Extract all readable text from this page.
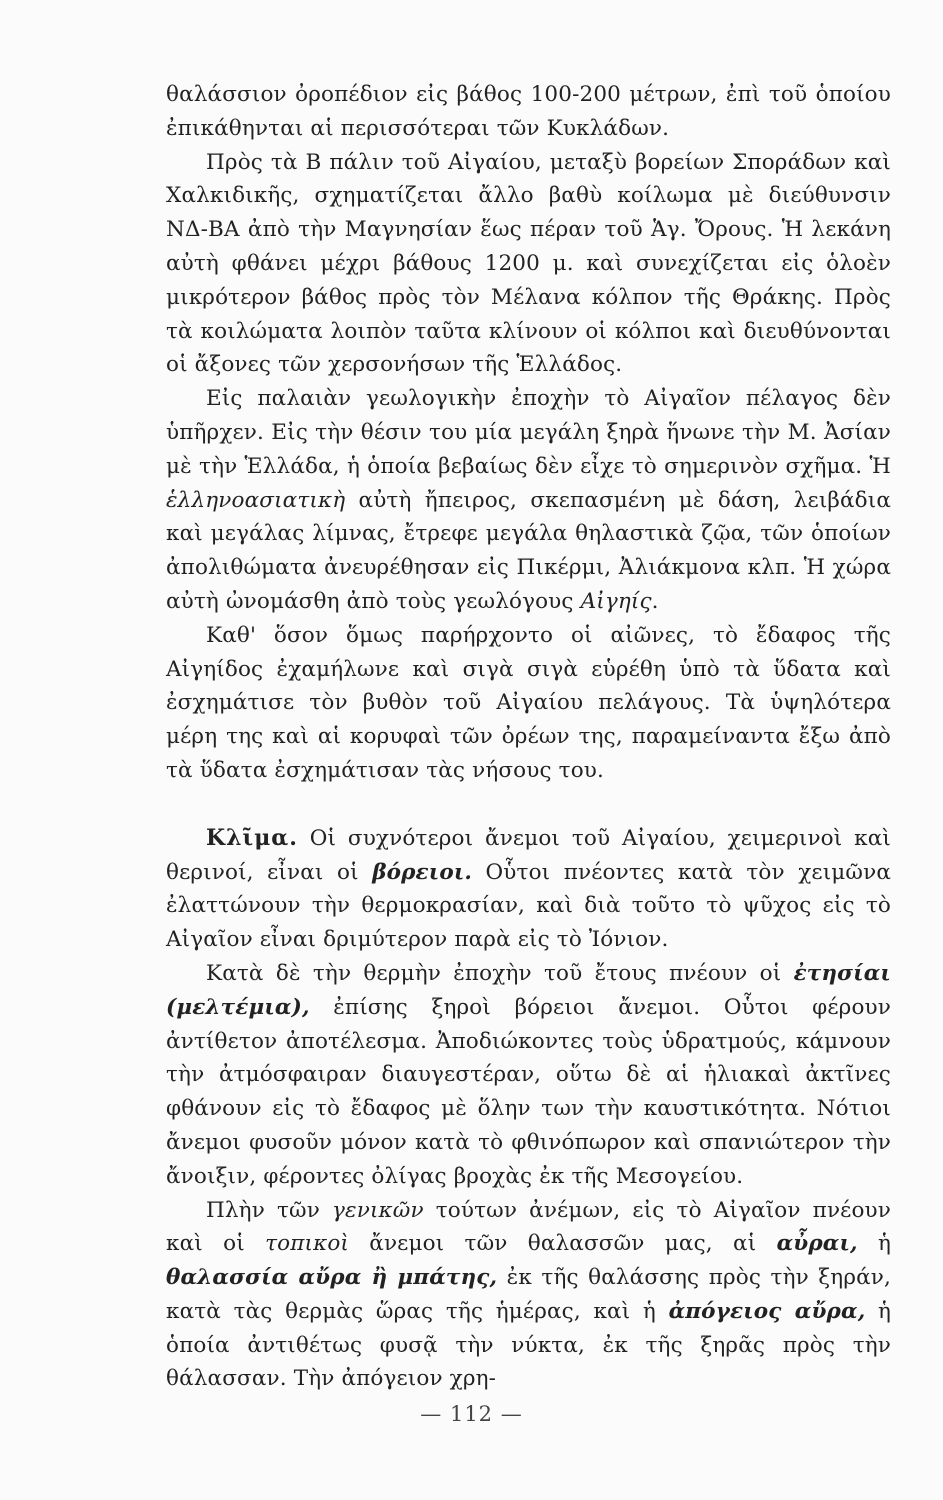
θαλάσσιον ὀροπέδιον εἰς βάθος 100-200 μέτρων, ἐπὶ τοῦ ὁποίου ἐπικάθηνται αἱ περισσότεραι τῶν Κυκλάδων.

Πρὸς τὰ Β πάλιν τοῦ Αἰγαίου, μεταξὺ βορείων Σποράδων καὶ Χαλκιδικῆς, σχηματίζεται ἄλλο βαθὺ κοίλωμα μὲ διεύθυνσιν ΝΔ-ΒΑ ἀπὸ τὴν Μαγνησίαν ἕως πέραν τοῦ Ἁγ. Ὄρους. Ἡ λεκάνη αὐτὴ φθάνει μέχρι βάθους 1200 μ. καὶ συνεχίζεται εἰς ὁλοὲν μικρότερον βάθος πρὸς τὸν Μέλανα κόλπον τῆς Θράκης. Πρὸς τὰ κοιλώματα λοιπὸν ταῦτα κλίνουν οἱ κόλποι καὶ διευθύνονται οἱ ἄξονες τῶν χερσονήσων τῆς Ἑλλάδος.

Εἰς παλαιὰν γεωλογικὴν ἐποχὴν τὸ Αἰγαῖον πέλαγος δὲν ὑπῆρχεν. Εἰς τὴν θέσιν του μία μεγάλη ξηρὰ ἥνωνε τὴν Μ. Ἀσίαν μὲ τὴν Ἑλλάδα, ἡ ὁποία βεβαίως δὲν εἶχε τὸ σημερινὸν σχῆμα. Ἡ ἑλληνοασιατικὴ αὐτὴ ἤπειρος, σκεπασμένη μὲ δάση, λειβάδια καὶ μεγάλας λίμνας, ἔτρεφε μεγάλα θηλαστικὰ ζῷα, τῶν ὁποίων ἀπολιθώματα ἀνευρέθησαν εἰς Πικέρμι, Ἀλιάκμονα κλπ. Ἡ χώρα αὐτὴ ὠνομάσθη ἀπὸ τοὺς γεωλόγους Αἰγηίς.

Καθ' ὅσον ὅμως παρήρχοντο οἱ αἰῶνες, τὸ ἔδαφος τῆς Αἰγηίδος ἐχαμήλωνε καὶ σιγὰ σιγὰ εὑρέθη ὑπὸ τὰ ὕδατα καὶ ἐσχημάτισε τὸν βυθὸν τοῦ Αἰγαίου πελάγους. Τὰ ὑψηλότερα μέρη της καὶ αἱ κορυφαὶ τῶν ὀρέων της, παραμείναντα ἔξω ἀπὸ τὰ ὕδατα ἐσχημάτισαν τὰς νήσους του.

Κλῖμα. Οἱ συχνότεροι ἄνεμοι τοῦ Αἰγαίου, χειμερινοὶ καὶ θερινοί, εἶναι οἱ βόρειοι. Οὗτοι πνέοντες κατὰ τὸν χειμῶνα ἐλαττώνουν τὴν θερμοκρασίαν, καὶ διὰ τοῦτο τὸ ψῦχος εἰς τὸ Αἰγαῖον εἶναι δριμύτερον παρὰ εἰς τὸ Ἰόνιον.

Κατὰ δὲ τὴν θερμὴν ἐποχὴν τοῦ ἔτους πνέουν οἱ ἐτησίαι (μελτέμια), ἐπίσης ξηροὶ βόρειοι ἄνεμοι. Οὗτοι φέρουν ἀντίθετον ἀποτέλεσμα. Ἀποδιώκοντες τοὺς ὑδρατμούς, κάμνουν τὴν ἀτμόσφαιραν διαυγεστέραν, οὕτω δὲ αἱ ἡλιακαὶ ἀκτῖνες φθάνουν εἰς τὸ ἔδαφος μὲ ὅλην των τὴν καυστικότητα. Νότιοι ἄνεμοι φυσοῦν μόνον κατὰ τὸ φθινόπωρον καὶ σπανιώτερον τὴν ἄνοιξιν, φέροντες ὀλίγας βροχὰς ἐκ τῆς Μεσογείου.

Πλὴν τῶν γενικῶν τούτων ἀνέμων, εἰς τὸ Αἰγαῖον πνέουν καὶ οἱ τοπικοὶ ἄνεμοι τῶν θαλασσῶν μας, αἱ αὖραι, ἡ θαλασσία αὔρα ἢ μπάτης, ἐκ τῆς θαλάσσης πρὸς τὴν ξηράν, κατὰ τὰς θερμὰς ὥρας τῆς ἡμέρας, καὶ ἡ ἀπόγειος αὔρα, ἡ ὁποία ἀντιθέτως φυσᾷ τὴν νύκτα, ἐκ τῆς ξηρᾶς πρὸς τὴν θάλασσαν. Τὴν ἀπόγειον χρη-

— 112 —
